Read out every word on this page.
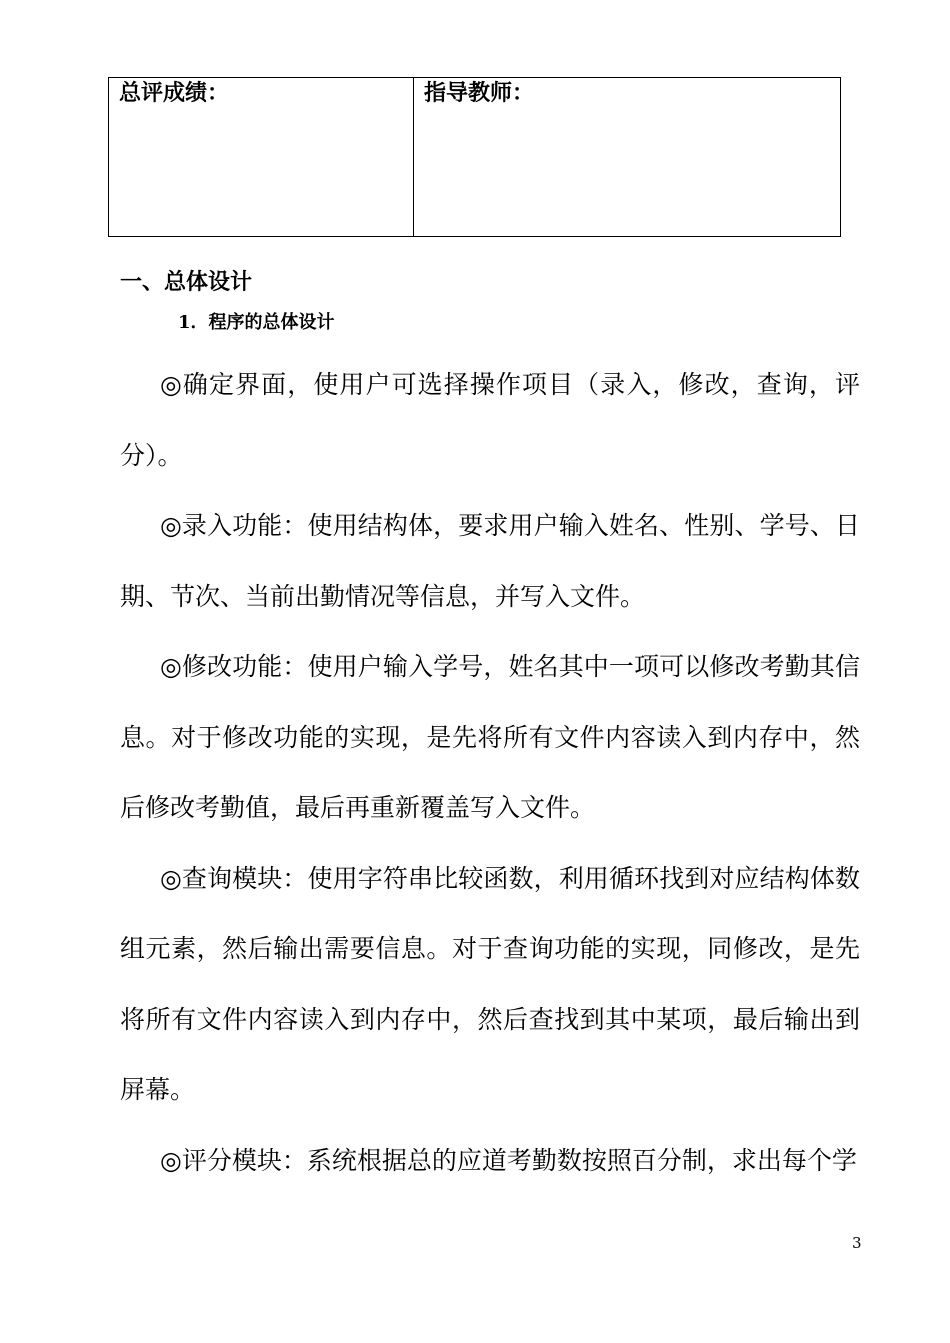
总评成绩：	指导教师：
一、总体设计
1．程序的总体设计

◎确定界面，使用户可选择操作项目（录入，修改，查询，评分）。

◎录入功能：使用结构体，要求用户输入姓名、性别、学号、日期、节次、当前出勤情况等信息，并写入文件。

◎修改功能：使用户输入学号，姓名其中一项可以修改考勤其信息。对于修改功能的实现，是先将所有文件内容读入到内存中，然后修改考勤值，最后再重新覆盖写入文件。

◎查询模块：使用字符串比较函数，利用循环找到对应结构体数组元素，然后输出需要信息。对于查询功能的实现，同修改，是先将所有文件内容读入到内存中，然后查找到其中某项，最后输出到屏幕。

◎评分模块：系统根据总的应道考勤数按照百分制，求出每个学

3
